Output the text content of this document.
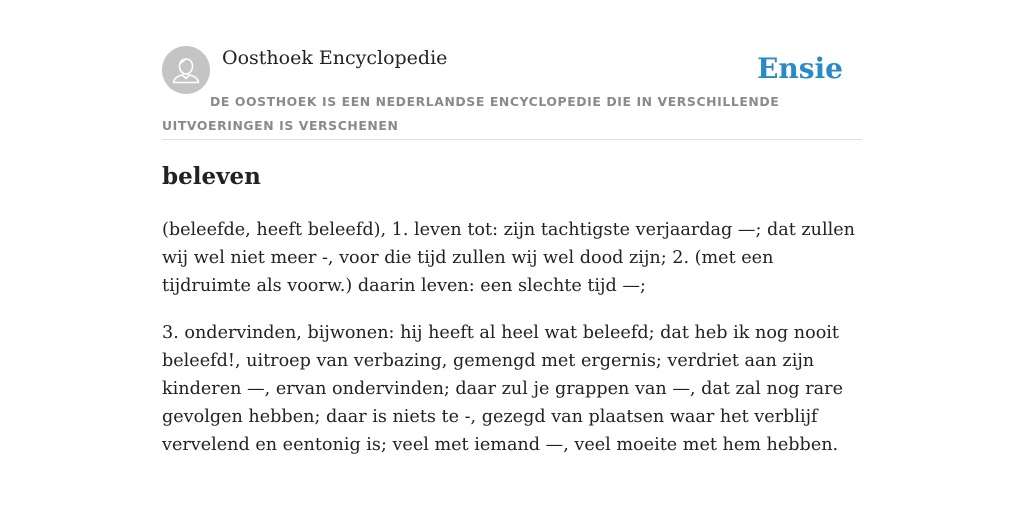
Oosthoek Encyclopedie	Ensie
DE OOSTHOEK IS EEN NEDERLANDSE ENCYCLOPEDIE DIE IN VERSCHILLENDE UITVOERINGEN IS VERSCHENEN
beleven

(beleefde, heeft beleefd), 1. leven tot: zijn tachtigste verjaardag —; dat zullen wij wel niet meer -, voor die tijd zullen wij wel dood zijn; 2. (met een tijdruimte als voorw.) daarin leven: een slechte tijd —;

3. ondervinden, bijwonen: hij heeft al heel wat beleefd; dat heb ik nog nooit beleefd!, uitroep van verbazing, gemengd met ergernis; verdriet aan zijn kinderen —, ervan ondervinden; daar zul je grappen van —, dat zal nog rare gevolgen hebben; daar is niets te -, gezegd van plaatsen waar het verblijf vervelend en eentonig is; veel met iemand —, veel moeite met hem hebben.
